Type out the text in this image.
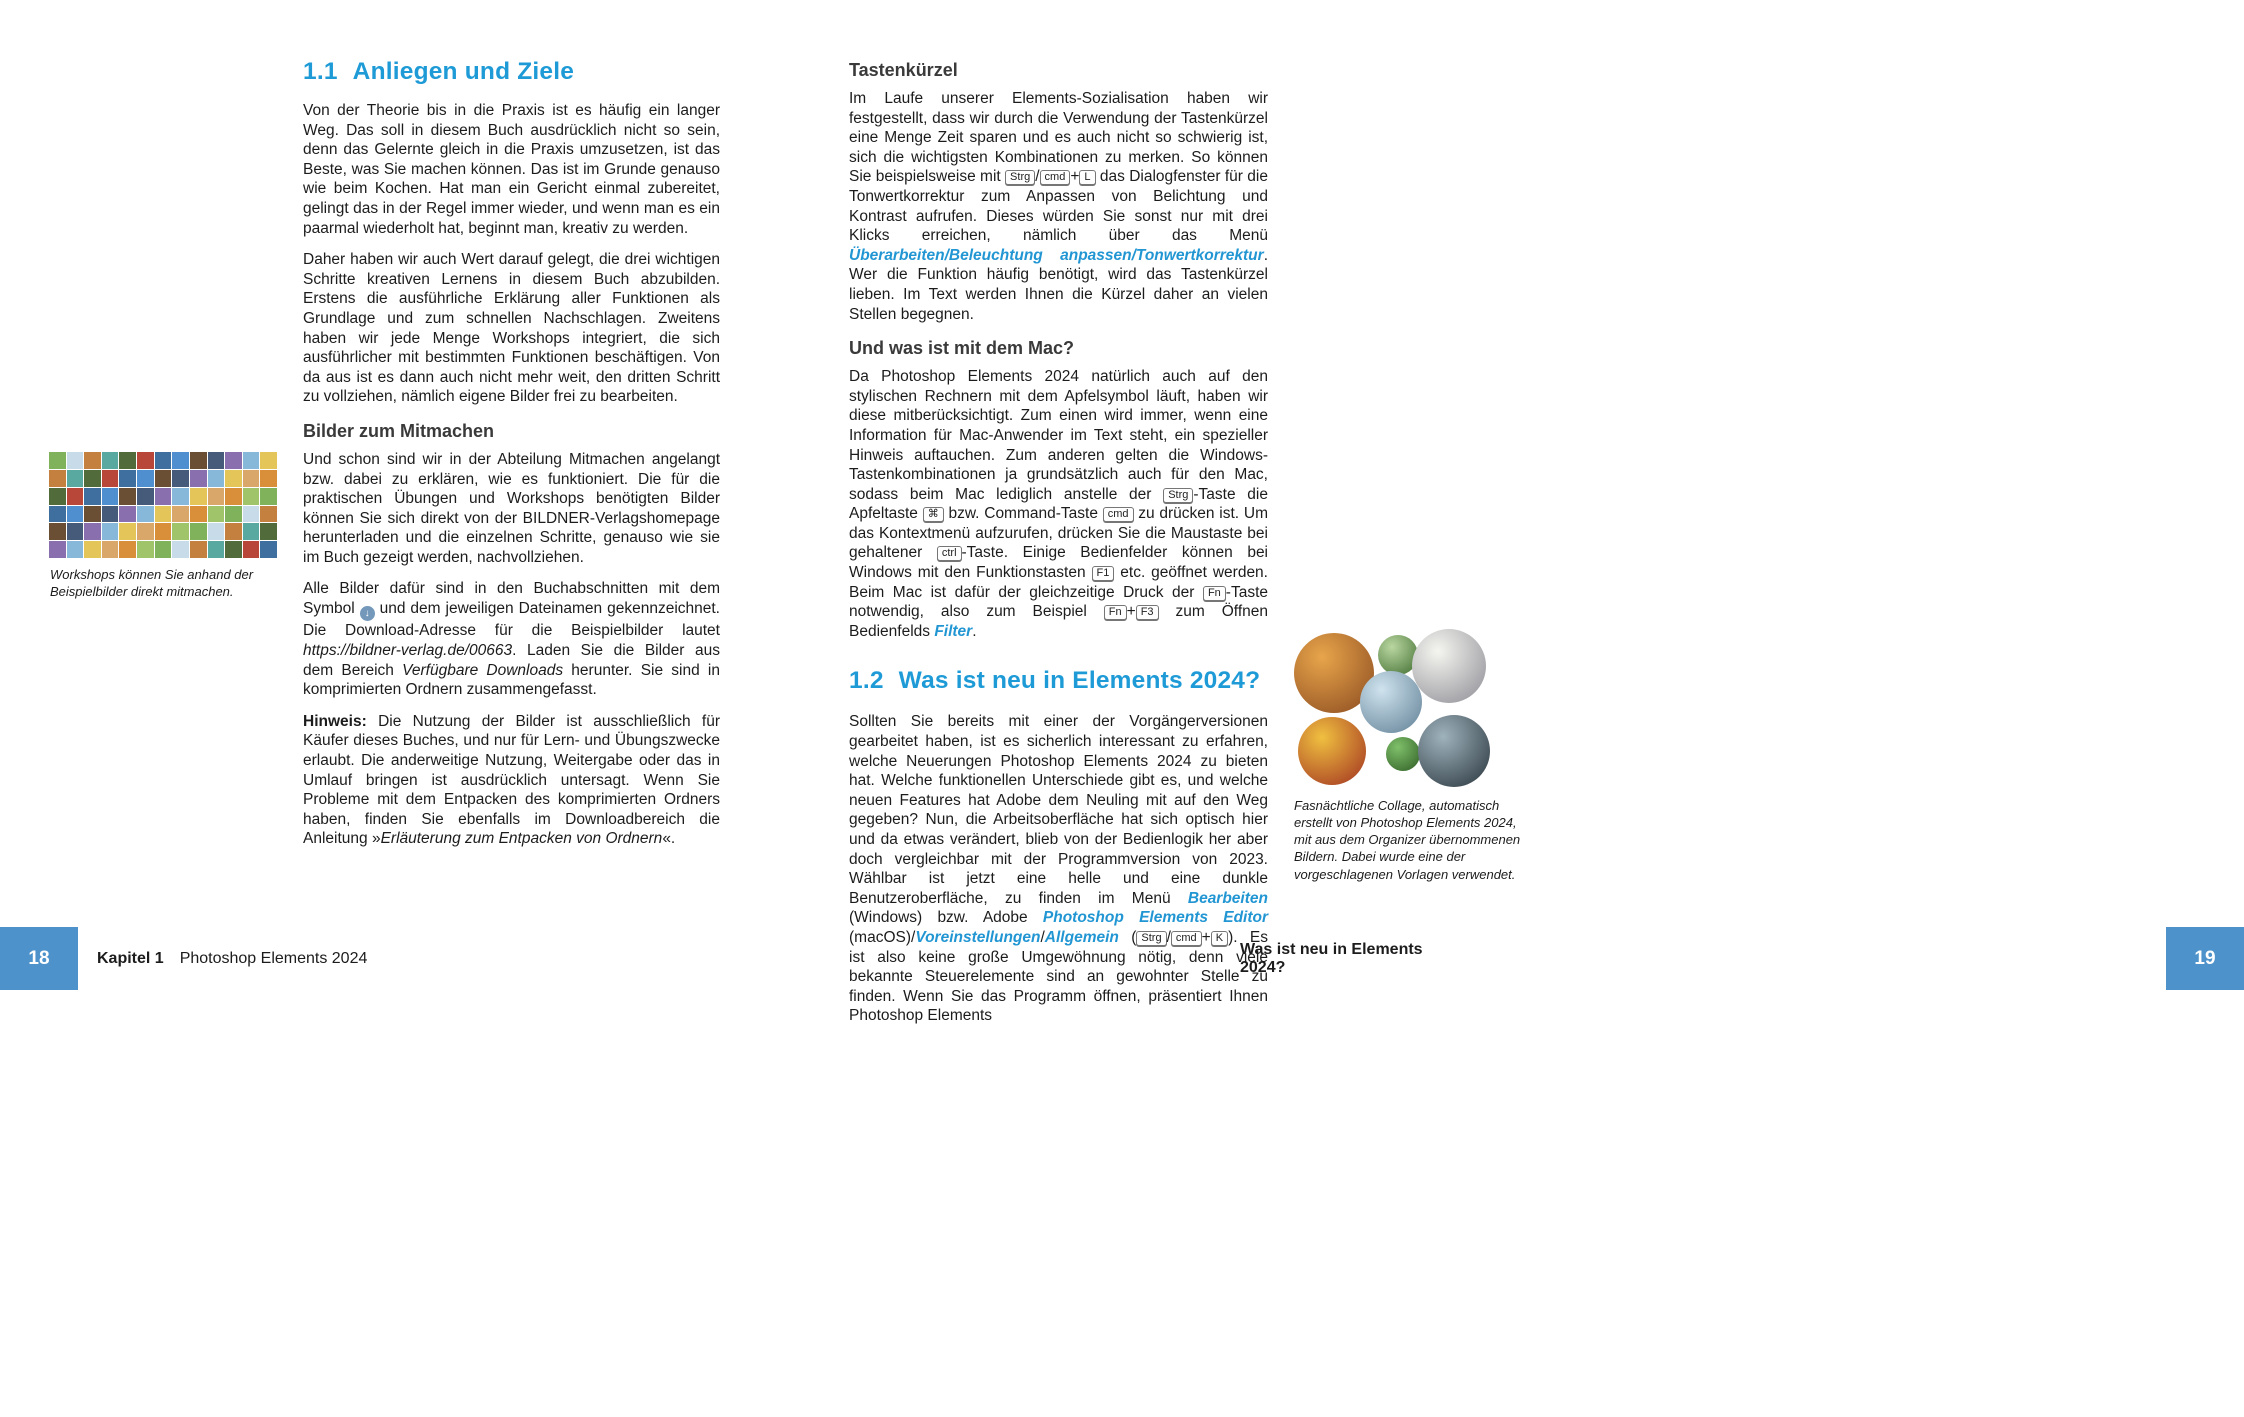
1.1 Anliegen und Ziele

Von der Theorie bis in die Praxis ist es häufig ein langer Weg. Das soll in diesem Buch ausdrücklich nicht so sein, denn das Gelernte gleich in die Praxis umzusetzen, ist das Beste, was Sie machen können. Das ist im Grunde genauso wie beim Kochen. Hat man ein Gericht einmal zubereitet, gelingt das in der Regel immer wieder, und wenn man es ein paarmal wiederholt hat, beginnt man, kreativ zu werden.

Daher haben wir auch Wert darauf gelegt, die drei wichtigen Schritte kreativen Lernens in diesem Buch abzubilden. Erstens die ausführliche Erklärung aller Funktionen als Grundlage und zum schnellen Nachschlagen. Zweitens haben wir jede Menge Workshops integriert, die sich ausführlicher mit bestimmten Funktionen beschäftigen. Von da aus ist es dann auch nicht mehr weit, den dritten Schritt zu vollziehen, nämlich eigene Bilder frei zu bearbeiten.

Bilder zum Mitmachen

Und schon sind wir in der Abteilung Mitmachen angelangt bzw. dabei zu erklären, wie es funktioniert. Die für die praktischen Übungen und Workshops benötigten Bilder können Sie sich direkt von der BILDNER-Verlagshomepage herunterladen und die einzelnen Schritte, genauso wie sie im Buch gezeigt werden, nachvollziehen.

Alle Bilder dafür sind in den Buchabschnitten mit dem Symbol ↓ und dem jeweiligen Dateinamen gekennzeichnet. Die Download-Adresse für die Beispielbilder lautet https://bildner-verlag.de/00663. Laden Sie die Bilder aus dem Bereich Verfügbare Downloads herunter. Sie sind in komprimierten Ordnern zusammengefasst.

Hinweis: Die Nutzung der Bilder ist ausschließlich für Käufer dieses Buches, und nur für Lern- und Übungszwecke erlaubt. Die anderweitige Nutzung, Weitergabe oder das in Umlauf bringen ist ausdrücklich untersagt. Wenn Sie Probleme mit dem Entpacken des komprimierten Ordners haben, finden Sie ebenfalls im Downloadbereich die Anleitung »Erläuterung zum Entpacken von Ordnern«.

Workshops können Sie anhand der Beispielbilder direkt mitmachen.
Tastenkürzel

Im Laufe unserer Elements-Sozialisation haben wir festgestellt, dass wir durch die Verwendung der Tastenkürzel eine Menge Zeit sparen und es auch nicht so schwierig ist, sich die wichtigsten Kombinationen zu merken. So können Sie beispielsweise mit Strg / cmd + L das Dialogfenster für die Tonwertkorrektur zum Anpassen von Belichtung und Kontrast aufrufen. Dieses würden Sie sonst nur mit drei Klicks erreichen, nämlich über das Menü Überarbeiten/Beleuchtung anpassen/Tonwertkorrektur. Wer die Funktion häufig benötigt, wird das Tastenkürzel lieben. Im Text werden Ihnen die Kürzel daher an vielen Stellen begegnen.

Und was ist mit dem Mac?

Da Photoshop Elements 2024 natürlich auch auf den stylischen Rechnern mit dem Apfelsymbol läuft, haben wir diese mitberücksichtigt. Zum einen wird immer, wenn eine Information für Mac-Anwender im Text steht, ein spezieller Hinweis auftauchen. Zum anderen gelten die Windows-Tastenkombinationen ja grundsätzlich auch für den Mac, sodass beim Mac lediglich anstelle der Strg -Taste die Apfeltaste ⌘ bzw. Command-Taste cmd zu drücken ist. Um das Kontextmenü aufzurufen, drücken Sie die Maustaste bei gehaltener ctrl -Taste. Einige Bedienfelder können bei Windows mit den Funktionstasten F1 etc. geöffnet werden. Beim Mac ist dafür der gleichzeitige Druck der Fn -Taste notwendig, also zum Beispiel Fn + F3 zum Öffnen Bedienfelds Filter.

1.2 Was ist neu in Elements 2024?

Sollten Sie bereits mit einer der Vorgängerversionen gearbeitet haben, ist es sicherlich interessant zu erfahren, welche Neuerungen Photoshop Elements 2024 zu bieten hat. Welche funktionellen Unterschiede gibt es, und welche neuen Features hat Adobe dem Neuling mit auf den Weg gegeben? Nun, die Arbeitsoberfläche hat sich optisch hier und da etwas verändert, blieb von der Bedienlogik her aber doch vergleichbar mit der Programmversion von 2023. Wählbar ist jetzt eine helle und eine dunkle Benutzeroberfläche, zu finden im Menü Bearbeiten (Windows) bzw. Adobe Photoshop Elements Editor (macOS)/Voreinstellungen/Allgemein ( Strg / cmd + K ). Es ist also keine große Umgewöhnung nötig, denn viele bekannte Steuerelemente sind an gewohnter Stelle zu finden. Wenn Sie das Programm öffnen, präsentiert Ihnen Photoshop Elements

Fasnächtliche Collage, automatisch erstellt von Photoshop Elements 2024, mit aus dem Organizer übernommenen Bildern. Dabei wurde eine der vorgeschlagenen Vorlagen verwendet.
18	Kapitel 1 Photoshop Elements 2024
Was ist neu in Elements 2024?	19
